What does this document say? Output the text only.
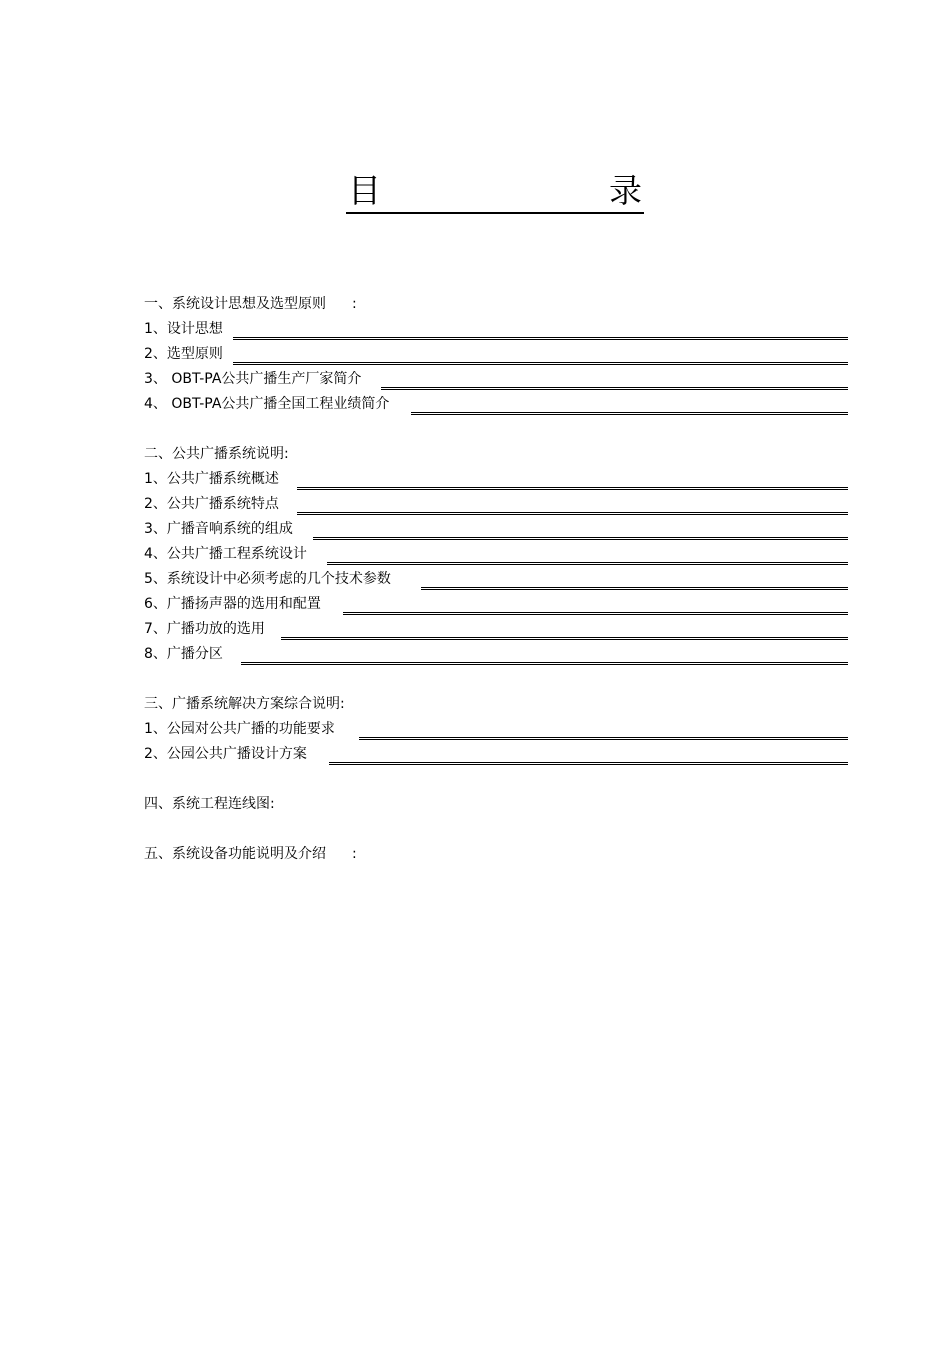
目	录
一、系统设计思想及选型原则 :
1、设计思想
2、选型原则
3、 OBT-PA公共广播生产厂家简介
4、 OBT-PA公共广播全国工程业绩简介
二、公共广播系统说明:
1、公共广播系统概述
2、公共广播系统特点
3、广播音响系统的组成
4、公共广播工程系统设计
5、系统设计中必须考虑的几个技术参数
6、广播扬声器的选用和配置
7、广播功放的选用
8、广播分区
三、广播系统解决方案综合说明:
1、公园对公共广播的功能要求
2、公园公共广播设计方案
四、系统工程连线图:
五、系统设备功能说明及介绍 :
